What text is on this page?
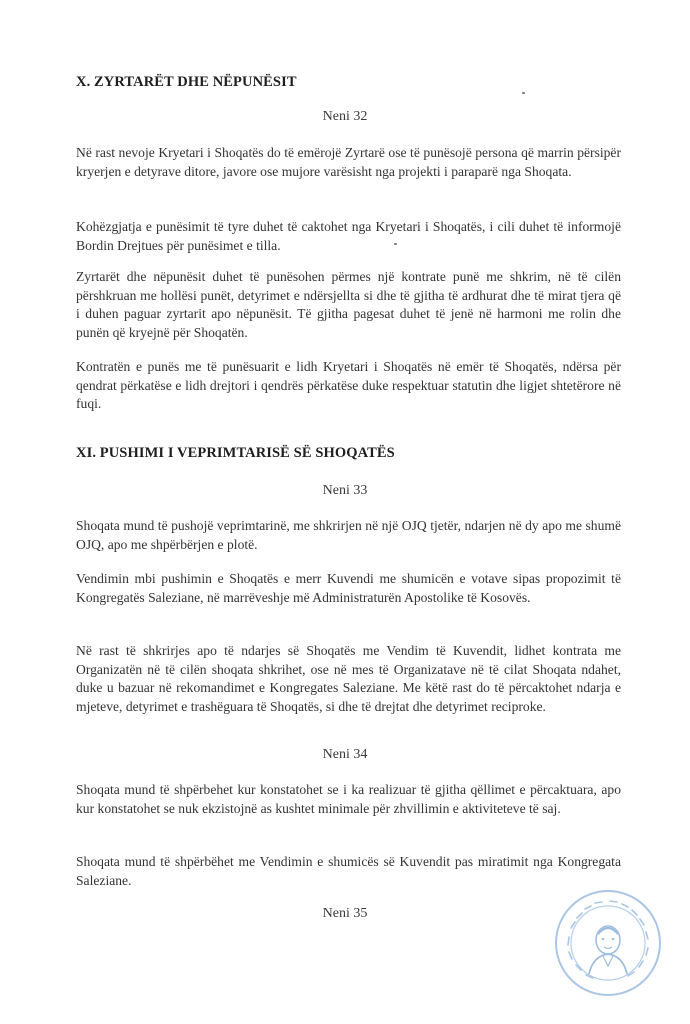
X. ZYRTARËT DHE NËPUNËSIT
Neni 32
Në rast nevoje Kryetari i Shoqatës do të emërojë Zyrtarë ose të punësojë persona që marrin përsipër kryerjen e detyrave ditore, javore ose mujore varësisht nga projekti i paraparë nga Shoqata.
Kohëzgjatja e punësimit të tyre duhet të caktohet nga Kryetari i Shoqatës, i cili duhet të informojë Bordin Drejtues për punësimet e tilla.
Zyrtarët dhe nëpunësit duhet të punësohen përmes një kontrate punë me shkrim, në të cilën përshkruan me hollësi punët, detyrimet e ndërsjellta si dhe të gjitha të ardhurat dhe të mirat tjera që i duhen paguar zyrtarit apo nëpunësit. Të gjitha pagesat duhet të jenë në harmoni me rolin dhe punën që kryejnë për Shoqatën.
Kontratën e punës me të punësuarit e lidh Kryetari i Shoqatës në emër të Shoqatës, ndërsa për qendrat përkatëse e lidh drejtori i qendrës përkatëse duke respektuar statutin dhe ligjet shtetërore në fuqi.
XI. PUSHIMI I VEPRIMTARISË SË SHOQATËS
Neni 33
Shoqata mund të pushojë veprimtarinë, me shkrirjen në një OJQ tjetër, ndarjen në dy apo me shumë OJQ, apo me shpërbërjen e plotë.
Vendimin mbi pushimin e Shoqatës e merr Kuvendi me shumicën e votave sipas propozimit të Kongregatës Saleziane, në marrëveshje më Administraturën Apostolike të Kosovës.
Në rast të shkrirjes apo të ndarjes së Shoqatës me Vendim të Kuvendit, lidhet kontrata me Organizatën në të cilën shoqata shkrihet, ose në mes të Organizatave në të cilat Shoqata ndahet, duke u bazuar në rekomandimet e Kongregates Saleziane. Me këtë rast do të përcaktohet ndarja e mjeteve, detyrimet e trashëguara të Shoqatës, si dhe të drejtat dhe detyrimet reciproke.
Neni 34
Shoqata mund të shpërbehet kur konstatohet se i ka realizuar të gjitha qëllimet e përcaktuara, apo kur konstatohet se nuk ekzistojnë as kushtet minimale për zhvillimin e aktiviteteve të saj.
Shoqata mund të shpërbëhet me Vendimin e shumicës së Kuvendit pas miratimit nga Kongregata Saleziane.
Neni 35
